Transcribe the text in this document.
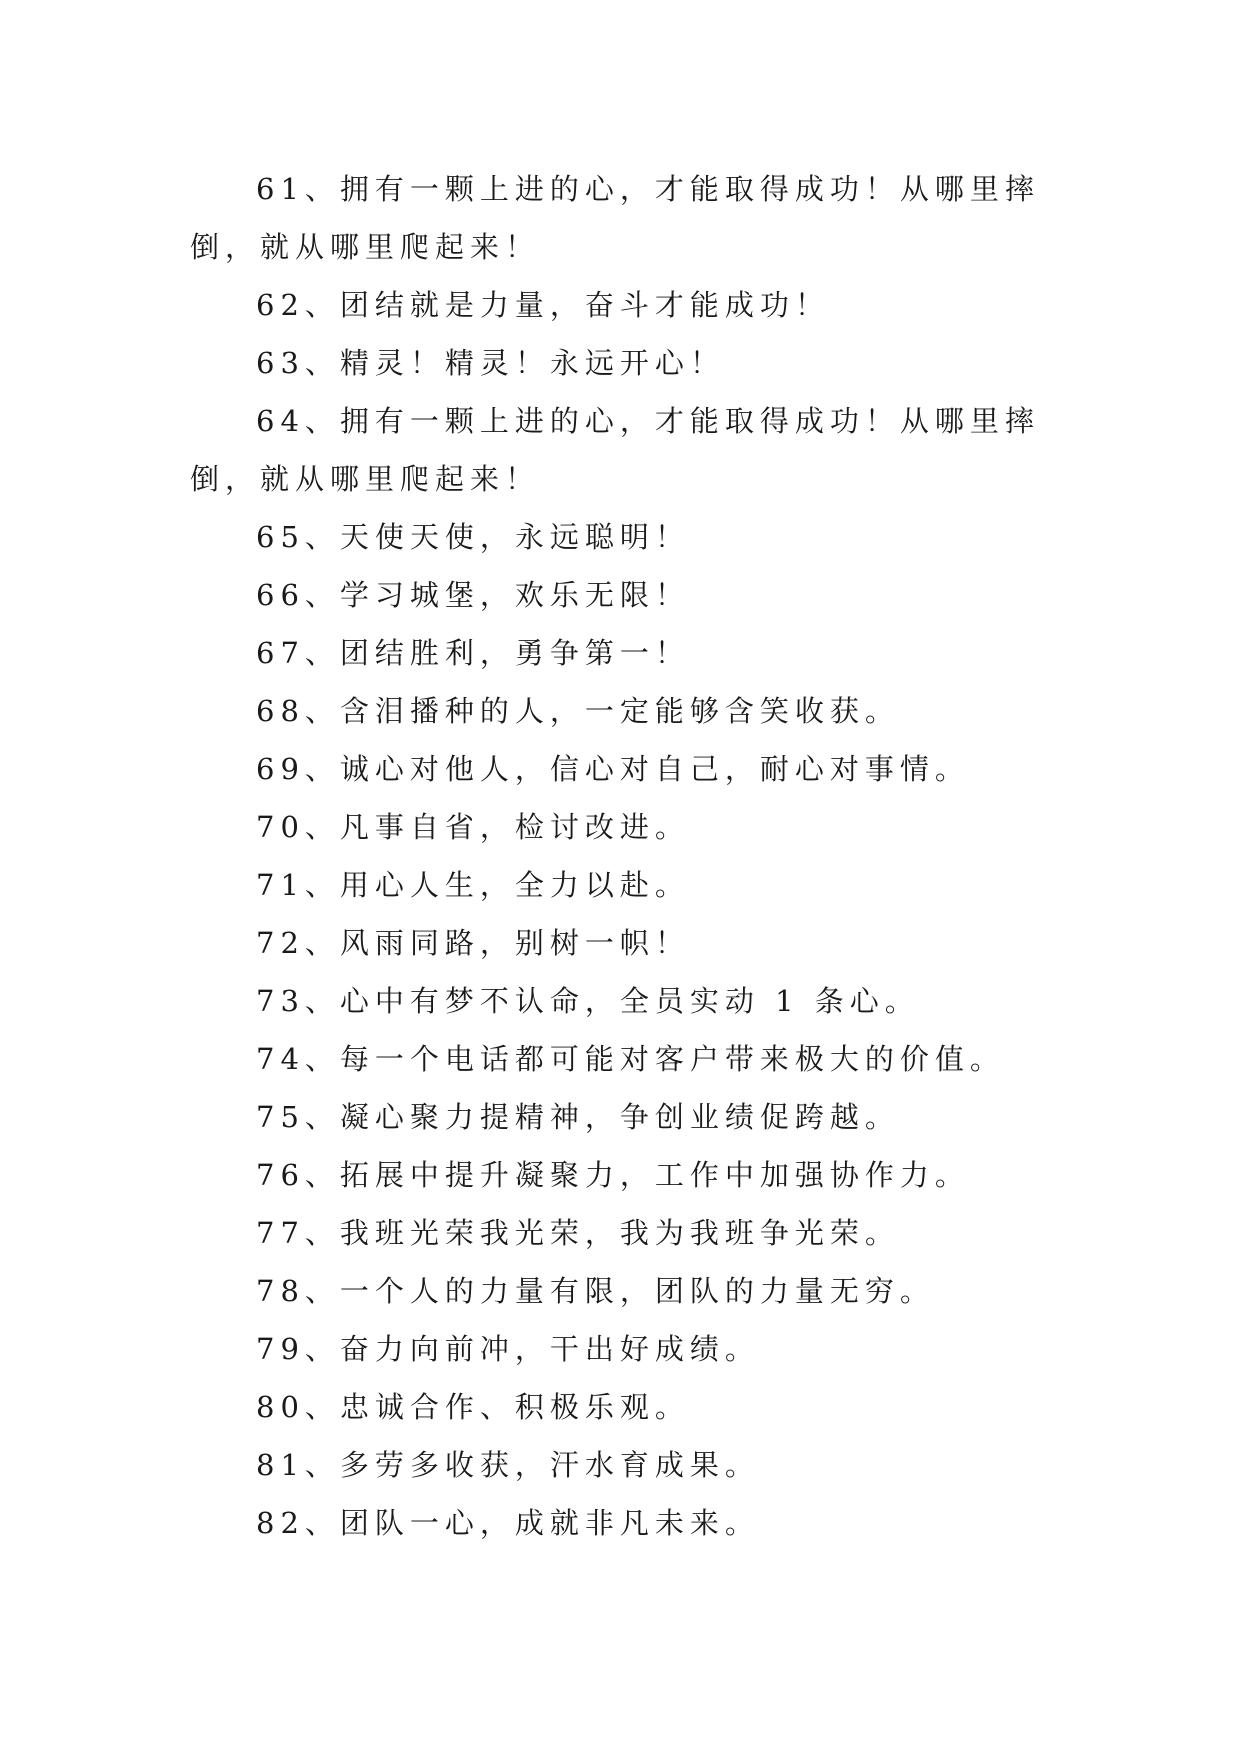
61、拥有一颗上进的心，才能取得成功！从哪里摔倒，就从哪里爬起来！

62、团结就是力量，奋斗才能成功！

63、精灵！精灵！永远开心！

64、拥有一颗上进的心，才能取得成功！从哪里摔倒，就从哪里爬起来！

65、天使天使，永远聪明！

66、学习城堡，欢乐无限！

67、团结胜利，勇争第一！

68、含泪播种的人，一定能够含笑收获。

69、诚心对他人，信心对自己，耐心对事情。

70、凡事自省，检讨改进。

71、用心人生，全力以赴。

72、风雨同路，别树一帜！

73、心中有梦不认命，全员实动 1 条心。

74、每一个电话都可能对客户带来极大的价值。

75、凝心聚力提精神，争创业绩促跨越。

76、拓展中提升凝聚力，工作中加强协作力。

77、我班光荣我光荣，我为我班争光荣。

78、一个人的力量有限，团队的力量无穷。

79、奋力向前冲，干出好成绩。

80、忠诚合作、积极乐观。

81、多劳多收获，汗水育成果。

82、团队一心，成就非凡未来。
